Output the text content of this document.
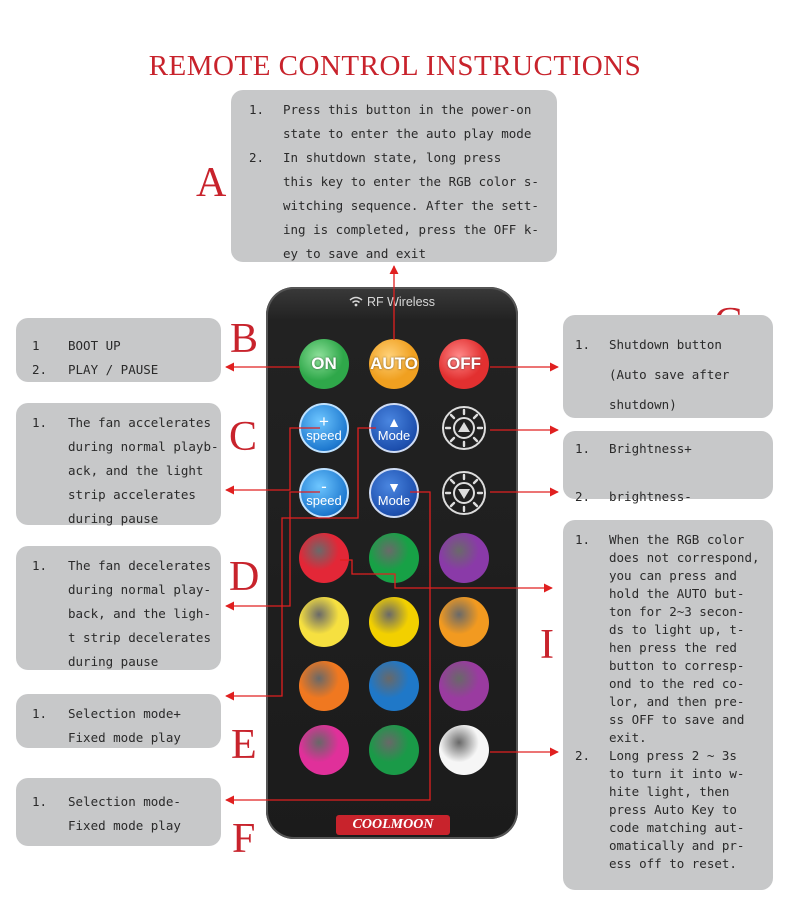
REMOTE CONTROL INSTRUCTIONS
A
B
C
D
E
F
I
1. Press this button in the power-on
state to enter the auto play mode
2. In shutdown state, long press
this key to enter the RGB color s-
witching sequence. After the sett-
ing is completed, press the OFF k-
ey to save and exit
1 BOOT UP
2. PLAY / PAUSE
1. The fan accelerates
during normal playb-
ack, and the light
strip accelerates
during pause
1. The fan decelerates
during normal play-
back, and the ligh-
t strip decelerates
during pause
1. Selection mode+
Fixed mode play
1. Selection mode-
Fixed mode play
1. Shutdown button
(Auto save after
shutdown)
1. Brightness+
2. brightness-
1. When the RGB color
does not correspond,
you can press and
hold the AUTO but-
ton for 2~3 secon-
ds to light up, t-
hen press the red
button to corresp-
ond to the red co-
lor, and then pre-
ss OFF to save and
exit.
2. Long press 2 ~ 3s
to turn it into w-
hite light, then
press Auto Key to
code matching aut-
omatically and pr-
ess off to reset.
RF Wireless
ON AUTO OFF
+
speed
▲
Mode
-
speed
▼
Mode
COOLMOON
